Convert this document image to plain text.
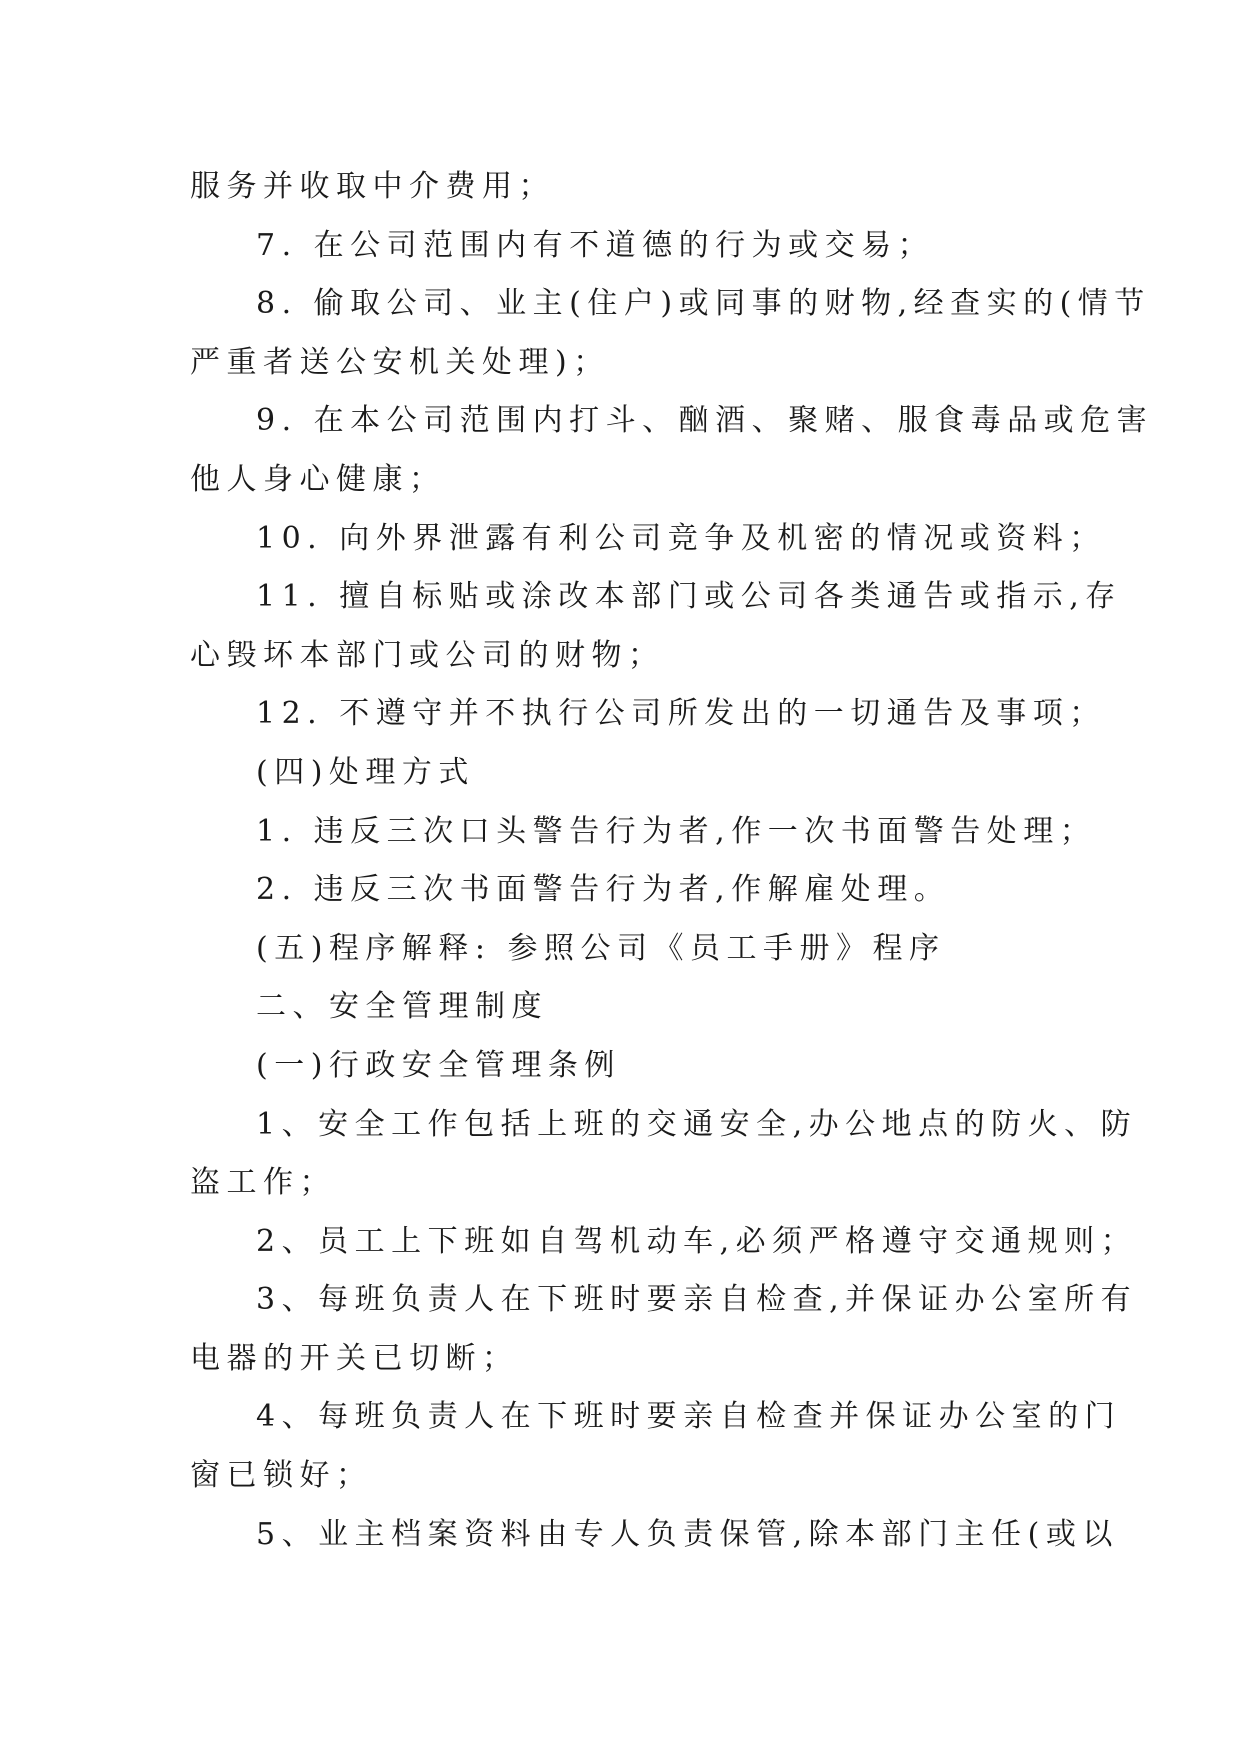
服务并收取中介费用；
7. 在公司范围内有不道德的行为或交易；
8. 偷取公司、业主(住户)或同事的财物,经查实的(情节
严重者送公安机关处理)；
9. 在本公司范围内打斗、酗酒、聚赌、服食毒品或危害
他人身心健康；
10. 向外界泄露有利公司竞争及机密的情况或资料；
11. 擅自标贴或涂改本部门或公司各类通告或指示,存
心毁坏本部门或公司的财物；
12. 不遵守并不执行公司所发出的一切通告及事项；
(四)处理方式
1. 违反三次口头警告行为者,作一次书面警告处理；
2. 违反三次书面警告行为者,作解雇处理。
(五)程序解释: 参照公司《员工手册》程序
二、安全管理制度
(一)行政安全管理条例
1、安全工作包括上班的交通安全,办公地点的防火、防
盗工作；
2、员工上下班如自驾机动车,必须严格遵守交通规则；
3、每班负责人在下班时要亲自检查,并保证办公室所有
电器的开关已切断；
4、每班负责人在下班时要亲自检查并保证办公室的门
窗已锁好；
5、业主档案资料由专人负责保管,除本部门主任(或以
